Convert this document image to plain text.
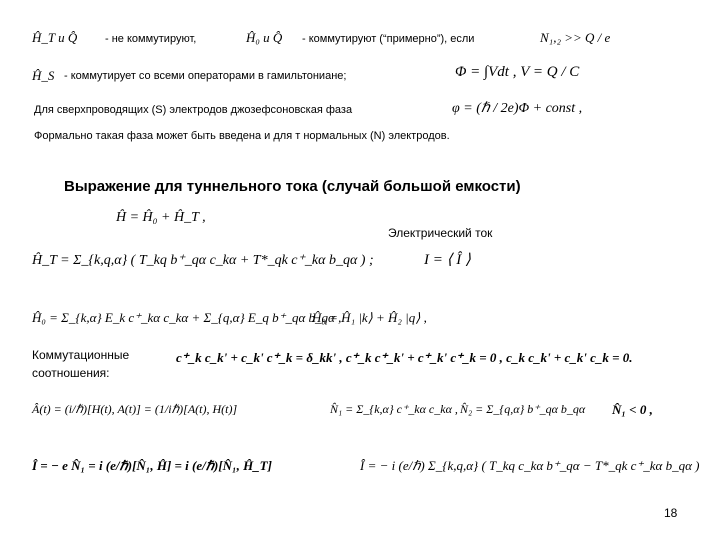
Ĥ_T и Q̂	- не коммутируют,	Ĥ₀ и Q̂ - коммутируют (“примерно”), если	N₁,₂ >> Q / e
Ĥ_S - коммутирует со всеми операторами в гамильтониане;	Φ = ∫Vdt , V = Q / C
Для сверхпроводящих (S) электродов джозефсоновская фаза	φ = (ℏ / 2e)Φ + const ,
Формально такая фаза может быть введена и для т нормальных (N) электродов.
Выражение для туннельного тока (случай большой емкости)
Ĥ = Ĥ₀ + Ĥ_T ,
Ĥ_T = Σ_{k,q,α} ( T_kq b⁺_qα c_kα + T*_qk c⁺_kα b_qα ) ;
Электрический ток
I = ⟨ Î ⟩
Ĥ₀ = Σ_{k,α} E_k c⁺_kα c_kα + Σ_{q,α} E_q b⁺_qα b_qα ,
Ĥ₀ = Ĥ₁ |k⟩ + Ĥ₂ |q⟩ ,
Коммутационные
соотношения:
c⁺_k c_k' + c_k' c⁺_k = δ_kk' , c⁺_k c⁺_k' + c⁺_k' c⁺_k = 0 , c_k c_k' + c_k' c_k = 0.
Â(t) = (i/ℏ)[H(t), A(t)] = (1/iℏ)[A(t), H(t)]	N̂₁ = Σ_{k,α} c⁺_kα c_kα , N̂₂ = Σ_{q,α} b⁺_qα b_qα N̂₁ < 0 ,
Î = − e N̂₁ = i (e/ℏ)[N̂₁, Ĥ] = i (e/ℏ)[N̂₁, Ĥ_T]	Î = − i (e/ℏ) Σ_{k,q,α} ( T_kq c_kα b⁺_qα − T*_qk c⁺_kα b_qα )
18
